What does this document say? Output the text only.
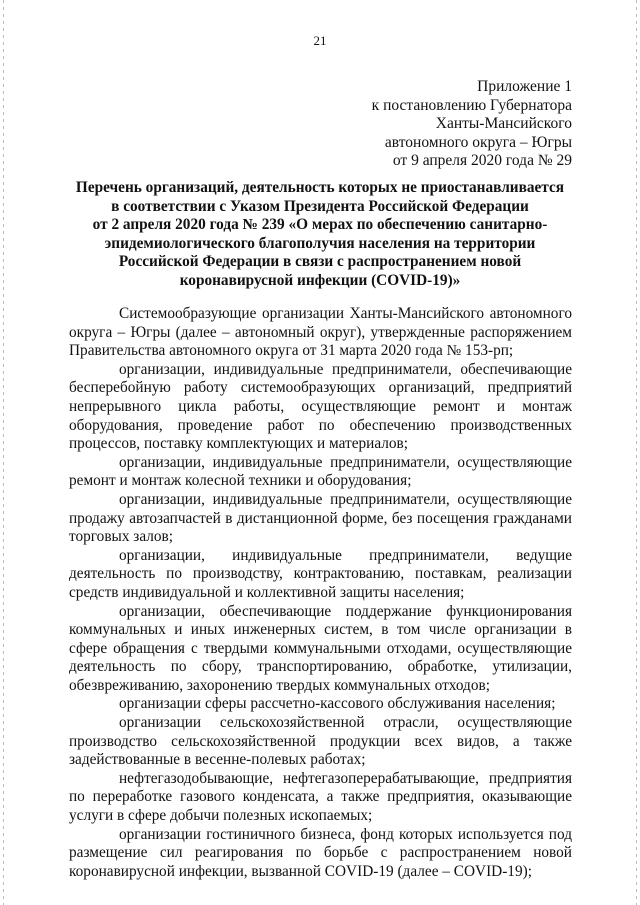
21
Приложение 1
к постановлению Губернатора
Ханты-Мансийского
автономного округа – Югры
от 9 апреля 2020 года № 29
Перечень организаций, деятельность которых не приостанавливается
в соответствии с Указом Президента Российской Федерации
от 2 апреля 2020 года № 239 «О мерах по обеспечению санитарно-
эпидемиологического благополучия населения на территории
Российской Федерации в связи с распространением новой
коронавирусной инфекции (COVID-19)»

Системообразующие организации Ханты-Мансийского автономного округа – Югры (далее – автономный округ), утвержденные распоряжением Правительства автономного округа от 31 марта 2020 года № 153-рп;

организации, индивидуальные предприниматели, обеспечивающие бесперебойную работу системообразующих организаций, предприятий непрерывного цикла работы, осуществляющие ремонт и монтаж оборудования, проведение работ по обеспечению производственных процессов, поставку комплектующих и материалов;

организации, индивидуальные предприниматели, осуществляющие ремонт и монтаж колесной техники и оборудования;

организации, индивидуальные предприниматели, осуществляющие продажу автозапчастей в дистанционной форме, без посещения гражданами торговых залов;

организации, индивидуальные предприниматели, ведущие деятельность по производству, контрактованию, поставкам, реализации средств индивидуальной и коллективной защиты населения;

организации, обеспечивающие поддержание функционирования коммунальных и иных инженерных систем, в том числе организации в сфере обращения с твердыми коммунальными отходами, осуществляющие деятельность по сбору, транспортированию, обработке, утилизации, обезвреживанию, захоронению твердых коммунальных отходов;

организации сферы рассчетно-кассового обслуживания населения;

организации сельскохозяйственной отрасли, осуществляющие производство сельскохозяйственной продукции всех видов, а также задействованные в весенне-полевых работах;

нефтегазодобывающие, нефтегазоперерабатывающие, предприятия по переработке газового конденсата, а также предприятия, оказывающие услуги в сфере добычи полезных ископаемых;

организации гостиничного бизнеса, фонд которых используется под размещение сил реагирования по борьбе с распространением новой коронавирусной инфекции, вызванной COVID-19 (далее – COVID-19);
